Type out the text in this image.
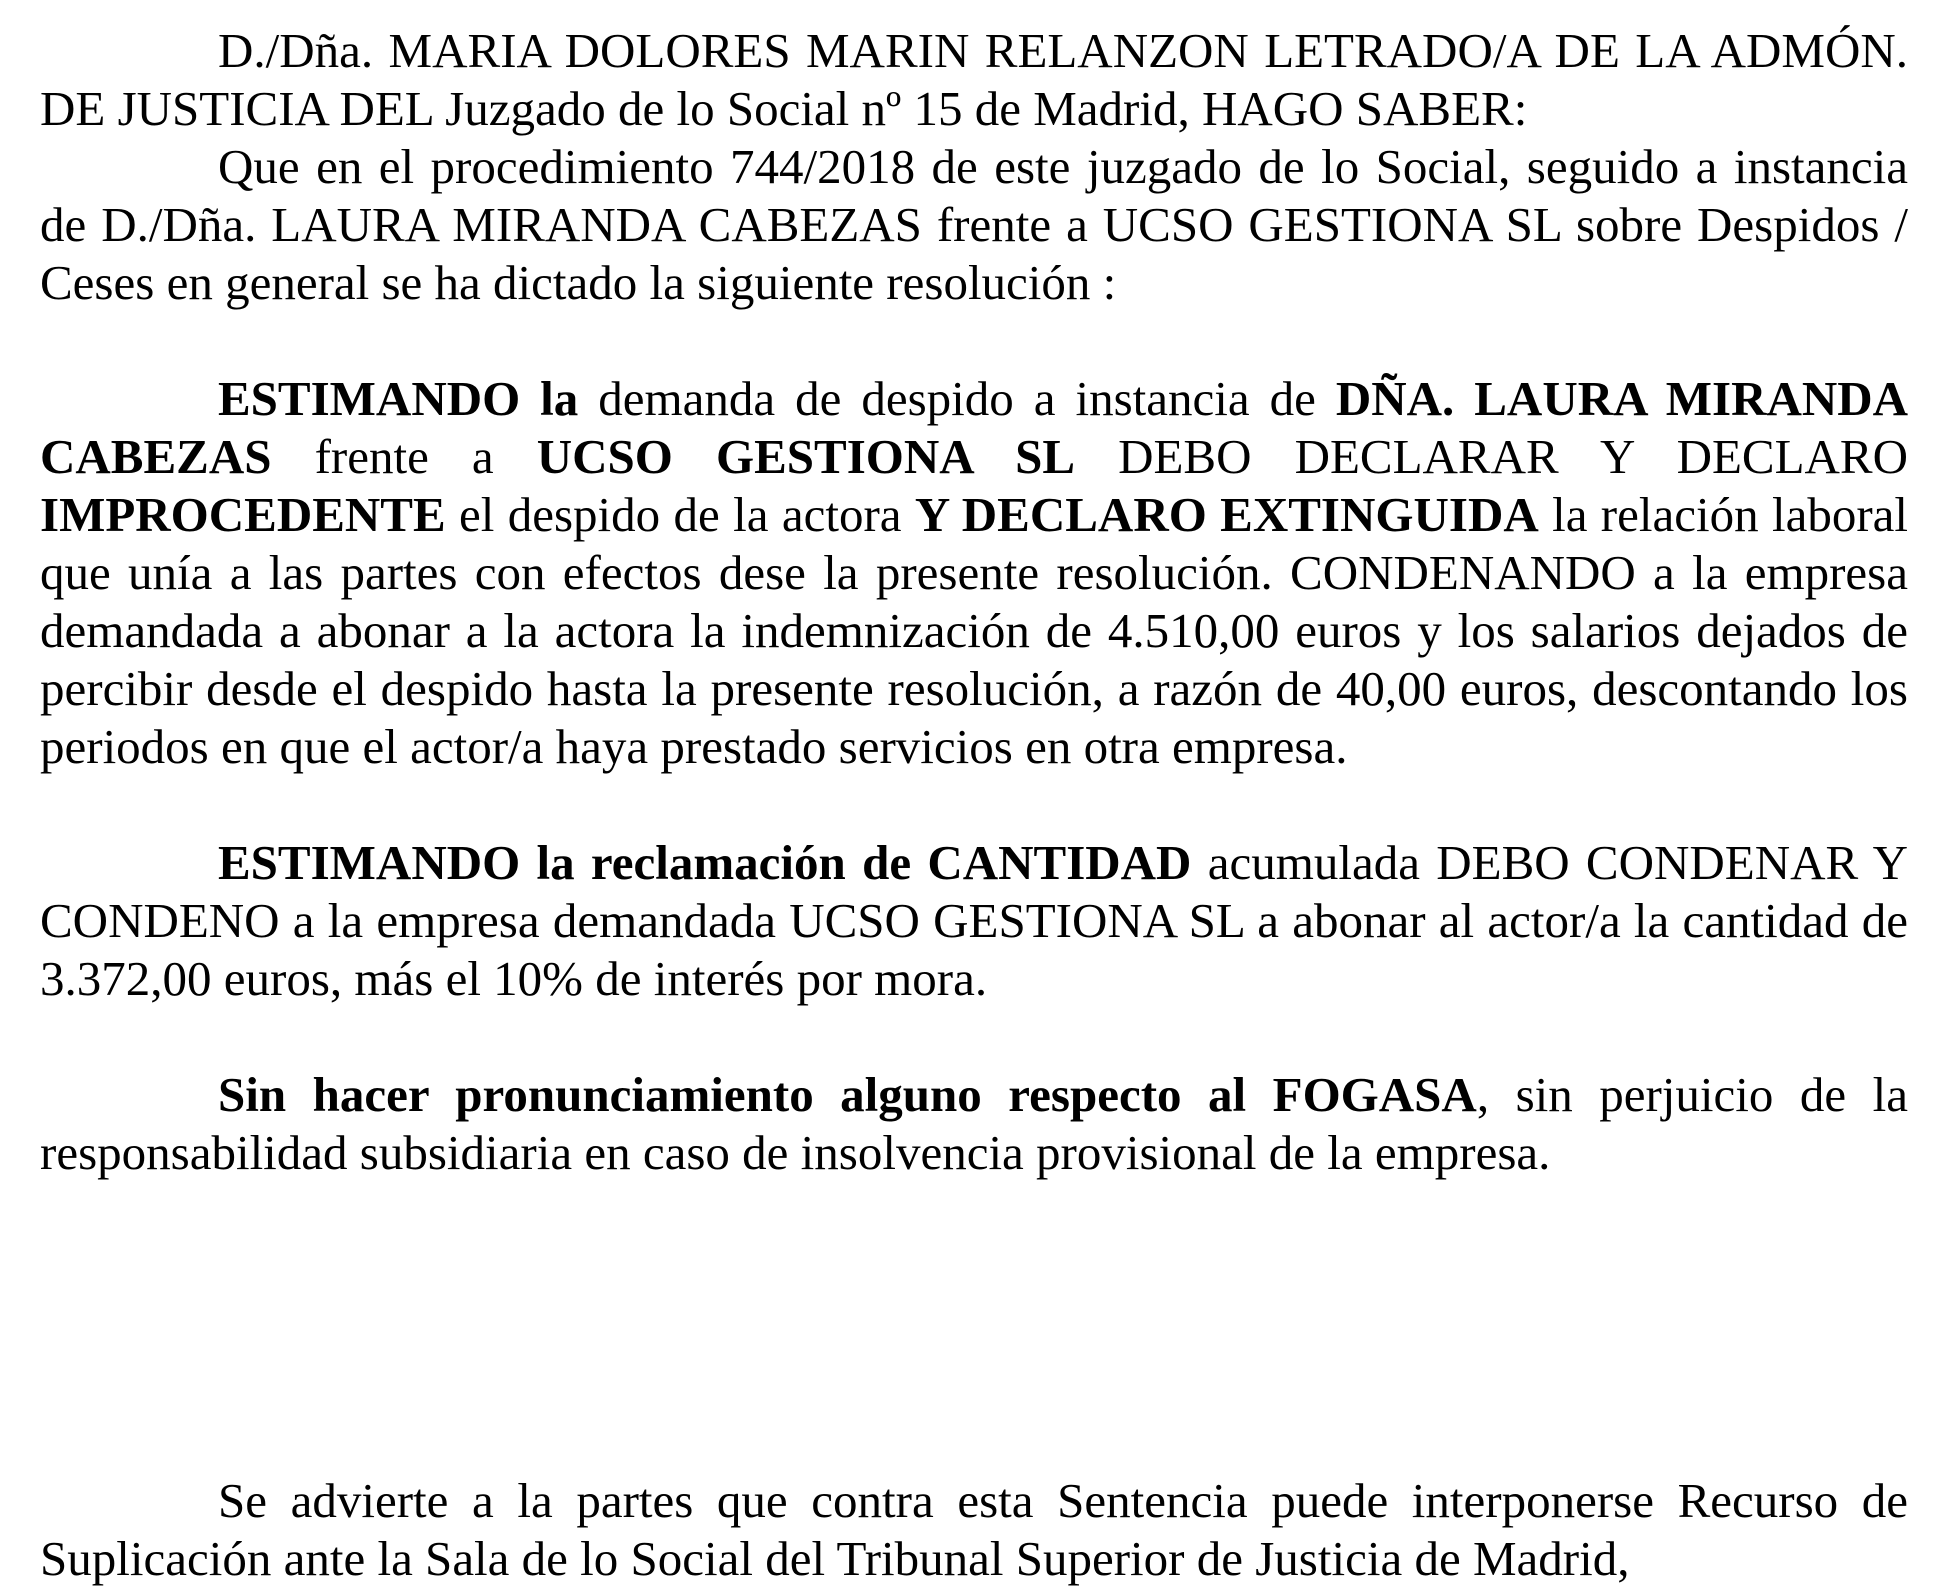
D./Dña. MARIA DOLORES MARIN RELANZON LETRADO/A DE LA ADMÓN. DE JUSTICIA DEL Juzgado de lo Social nº 15 de Madrid, HAGO SABER:

Que en el procedimiento 744/2018 de este juzgado de lo Social, seguido a instancia de D./Dña. LAURA MIRANDA CABEZAS frente a UCSO GESTIONA SL sobre Despidos / Ceses en general se ha dictado la siguiente resolución :

ESTIMANDO la demanda de despido a instancia de DÑA. LAURA MIRANDA CABEZAS frente a UCSO GESTIONA SL DEBO DECLARAR Y DECLARO IMPROCEDENTE el despido de la actora Y DECLARO EXTINGUIDA la relación laboral que unía a las partes con efectos dese la presente resolución. CONDENANDO a la empresa demandada a abonar a la actora la indemnización de 4.510,00 euros y los salarios dejados de percibir desde el despido hasta la presente resolución, a razón de 40,00 euros, descontando los periodos en que el actor/a haya prestado servicios en otra empresa.

ESTIMANDO la reclamación de CANTIDAD acumulada DEBO CONDENAR Y CONDENO a la empresa demandada UCSO GESTIONA SL a abonar al actor/a la cantidad de 3.372,00 euros, más el 10% de interés por mora.

Sin hacer pronunciamiento alguno respecto al FOGASA, sin perjuicio de la responsabilidad subsidiaria en caso de insolvencia provisional de la empresa.

Se advierte a la partes que contra esta Sentencia puede interponerse Recurso de Suplicación ante la Sala de lo Social del Tribunal Superior de Justicia de Madrid,
